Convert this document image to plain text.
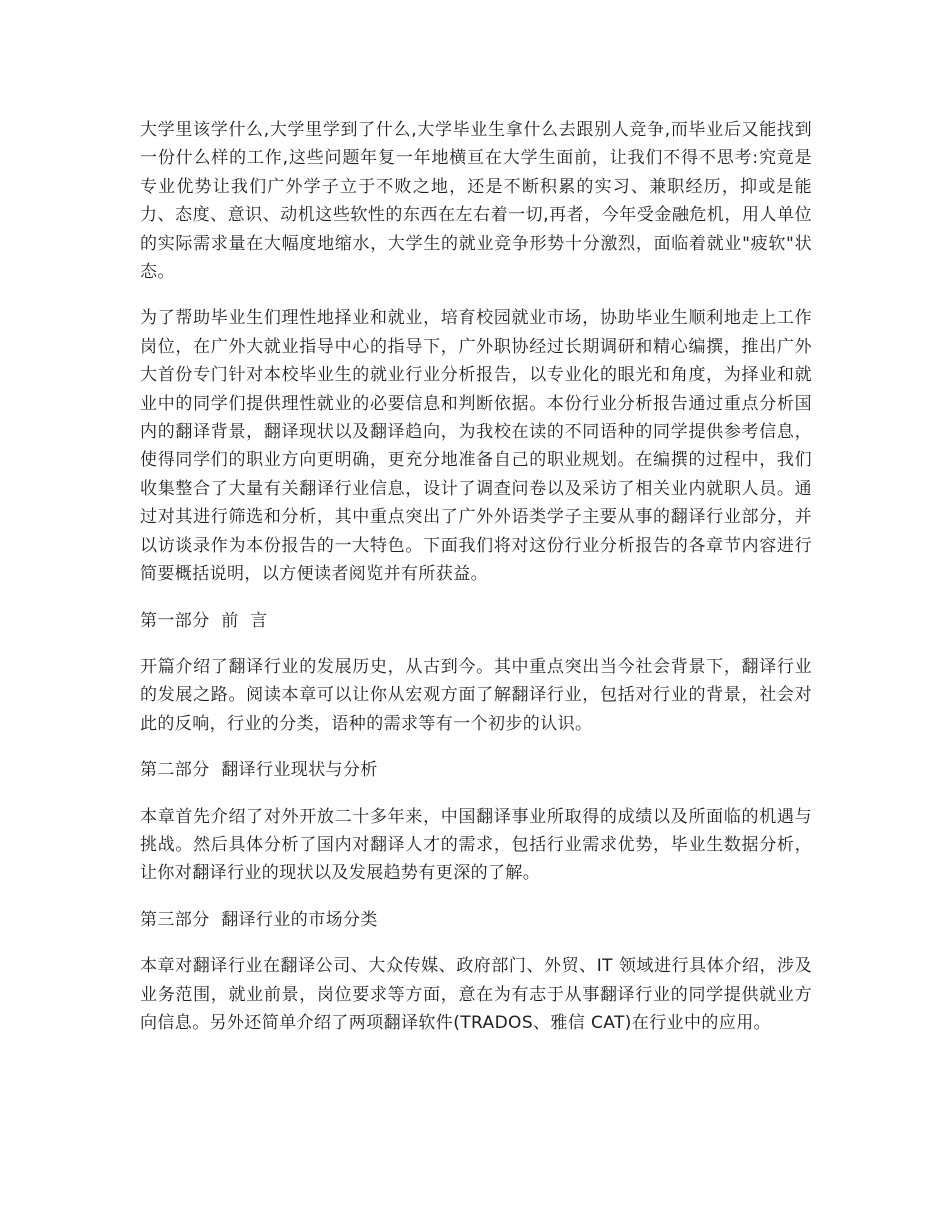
大学里该学什么,大学里学到了什么,大学毕业生拿什么去跟别人竞争,而毕业后又能找到一份什么样的工作,这些问题年复一年地横亘在大学生面前，让我们不得不思考:究竟是专业优势让我们广外学子立于不败之地，还是不断积累的实习、兼职经历，抑或是能力、态度、意识、动机这些软性的东西在左右着一切,再者，今年受金融危机，用人单位的实际需求量在大幅度地缩水，大学生的就业竞争形势十分激烈，面临着就业"疲软"状态。

为了帮助毕业生们理性地择业和就业，培育校园就业市场，协助毕业生顺利地走上工作岗位，在广外大就业指导中心的指导下，广外职协经过长期调研和精心编撰，推出广外大首份专门针对本校毕业生的就业行业分析报告，以专业化的眼光和角度，为择业和就业中的同学们提供理性就业的必要信息和判断依据。本份行业分析报告通过重点分析国内的翻译背景，翻译现状以及翻译趋向，为我校在读的不同语种的同学提供参考信息，使得同学们的职业方向更明确，更充分地准备自己的职业规划。在编撰的过程中，我们收集整合了大量有关翻译行业信息，设计了调查问卷以及采访了相关业内就职人员。通过对其进行筛选和分析，其中重点突出了广外外语类学子主要从事的翻译行业部分，并以访谈录作为本份报告的一大特色。下面我们将对这份行业分析报告的各章节内容进行简要概括说明，以方便读者阅览并有所获益。

第一部分  前  言

开篇介绍了翻译行业的发展历史，从古到今。其中重点突出当今社会背景下，翻译行业的发展之路。阅读本章可以让你从宏观方面了解翻译行业，包括对行业的背景，社会对此的反响，行业的分类，语种的需求等有一个初步的认识。

第二部分  翻译行业现状与分析

本章首先介绍了对外开放二十多年来，中国翻译事业所取得的成绩以及所面临的机遇与挑战。然后具体分析了国内对翻译人才的需求，包括行业需求优势，毕业生数据分析，让你对翻译行业的现状以及发展趋势有更深的了解。

第三部分  翻译行业的市场分类

本章对翻译行业在翻译公司、大众传媒、政府部门、外贸、IT 领域进行具体介绍，涉及业务范围，就业前景，岗位要求等方面，意在为有志于从事翻译行业的同学提供就业方向信息。另外还简单介绍了两项翻译软件(TRADOS、雅信 CAT)在行业中的应用。
